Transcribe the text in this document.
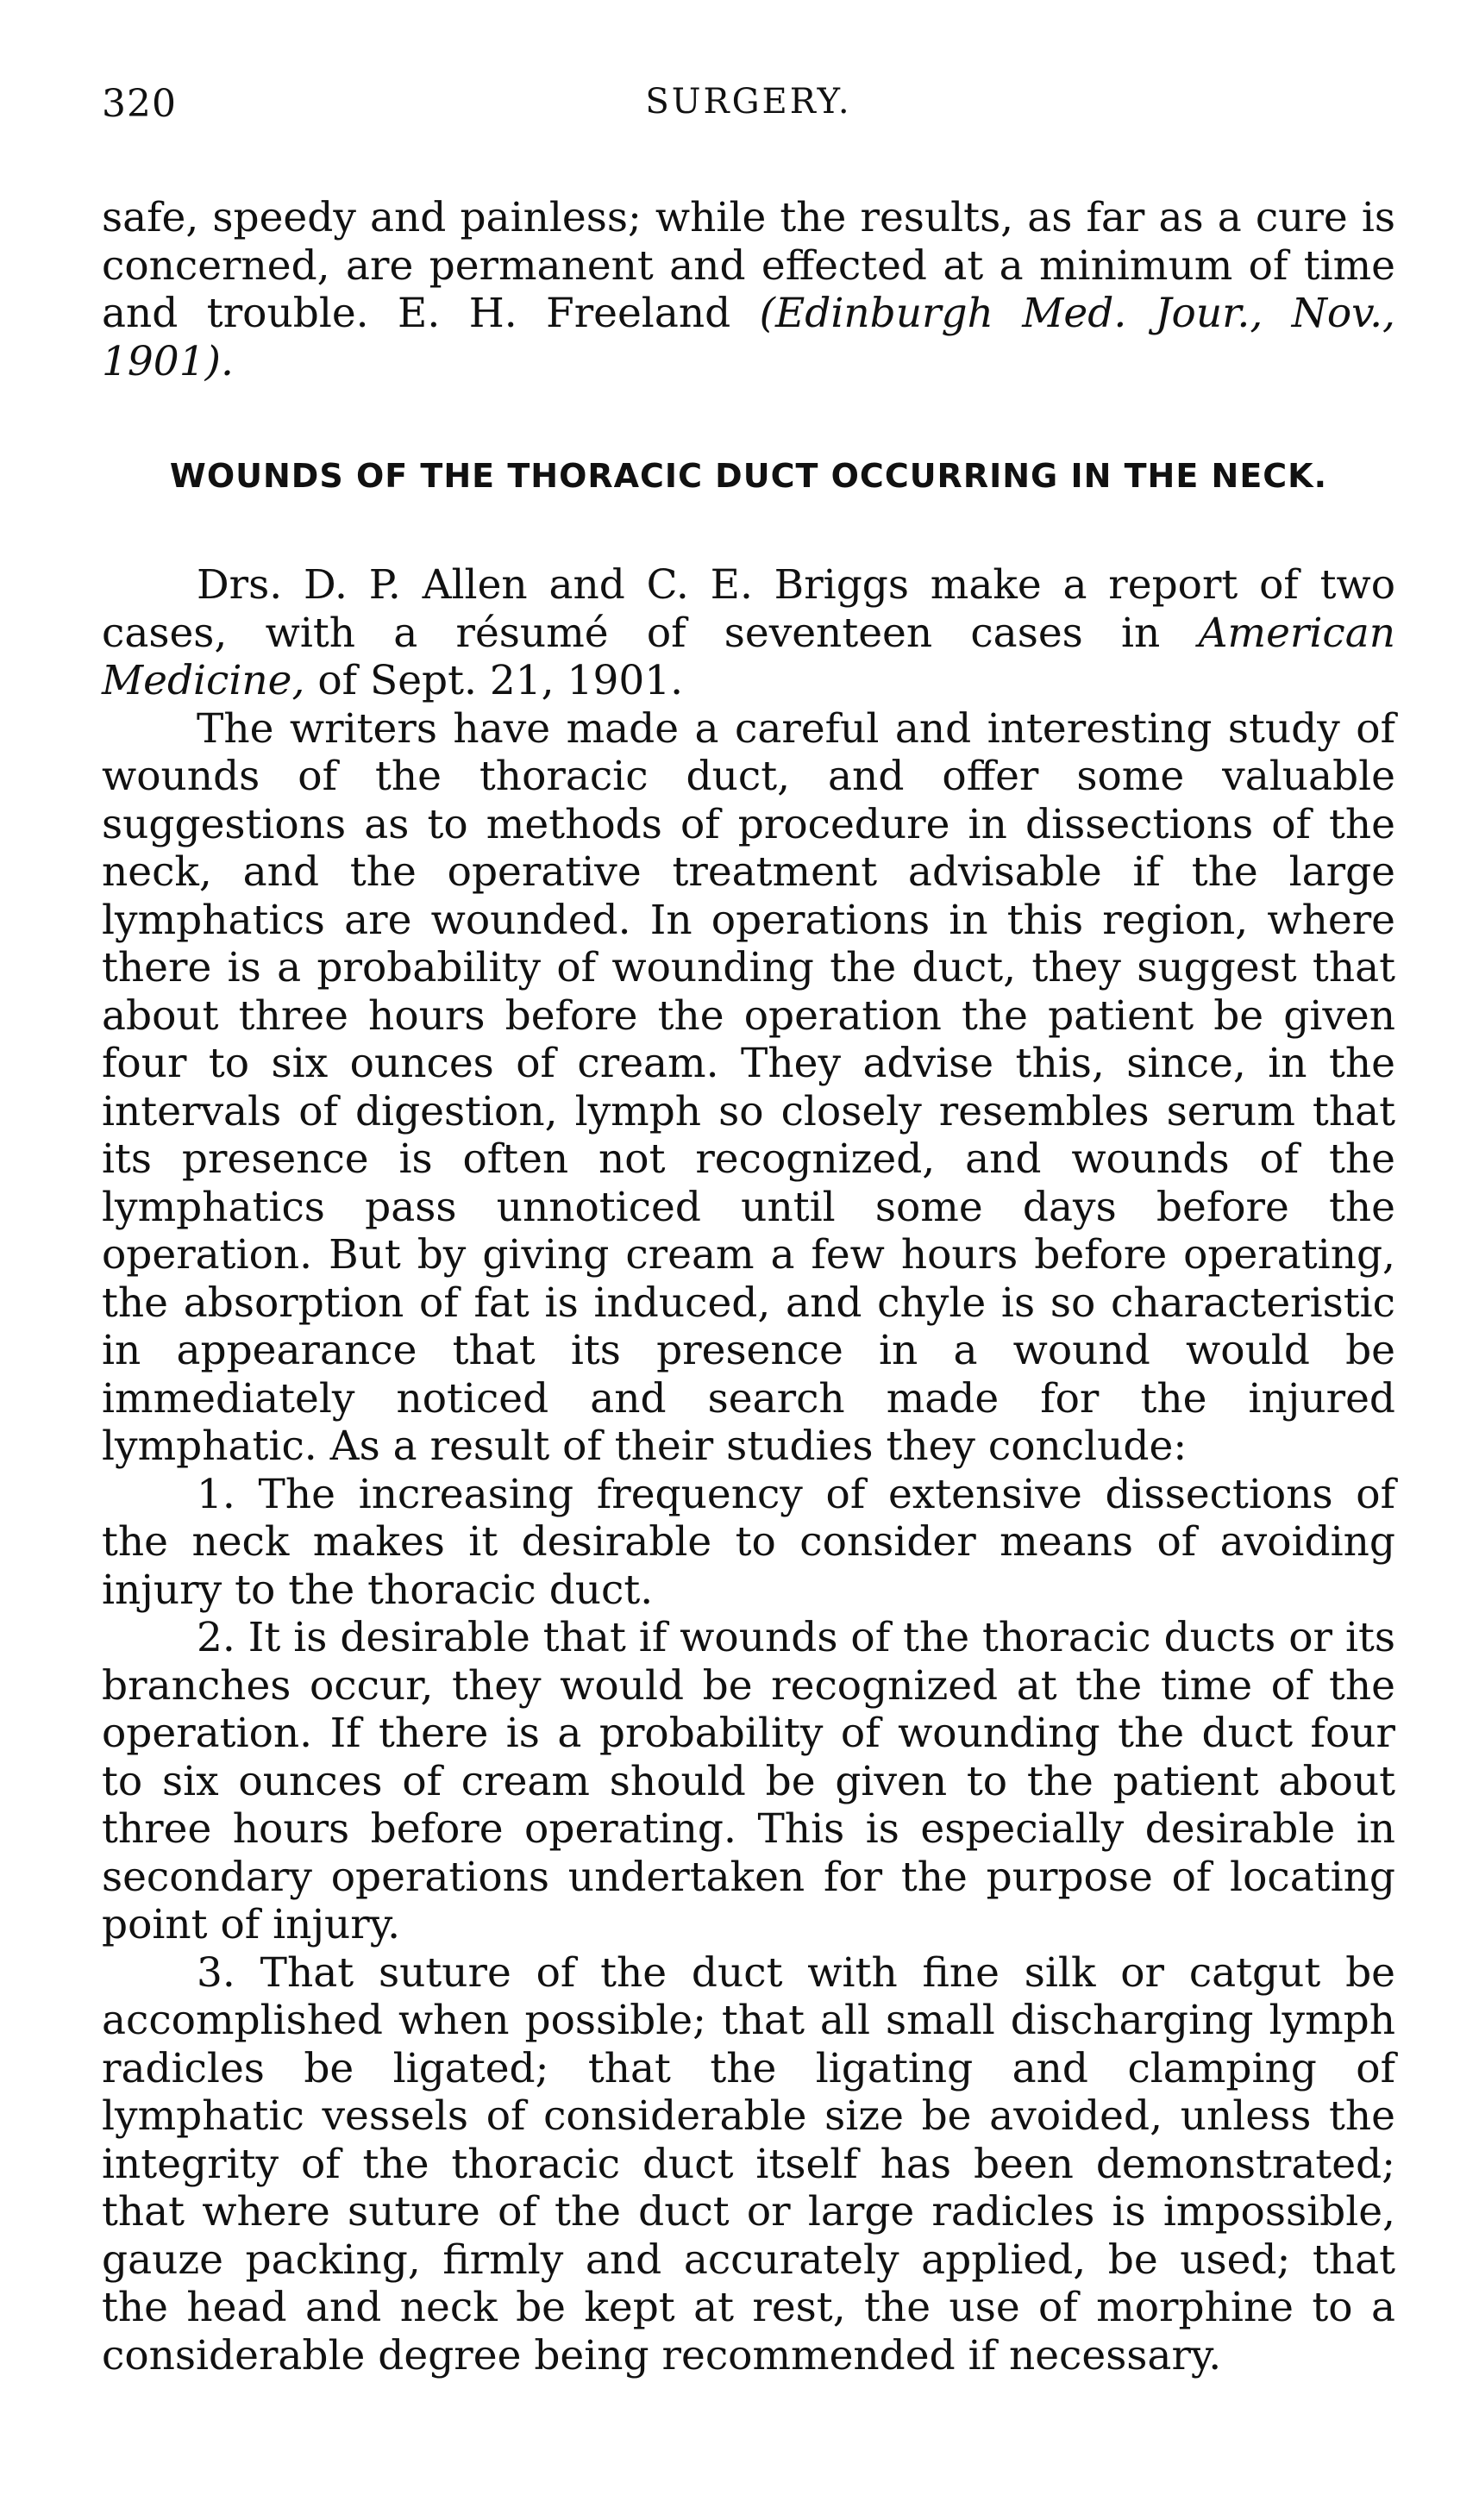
320	SURGERY.

safe, speedy and painless; while the results, as far as a cure is concerned, are permanent and effected at a minimum of time and trouble. E. H. Freeland (Edinburgh Med. Jour., Nov., 1901).

WOUNDS OF THE THORACIC DUCT OCCURRING IN THE NECK.

Drs. D. P. Allen and C. E. Briggs make a report of two cases, with a résumé of seventeen cases in American Medicine, of Sept. 21, 1901.

The writers have made a careful and interesting study of wounds of the thoracic duct, and offer some valuable suggestions as to methods of procedure in dissections of the neck, and the operative treatment advisable if the large lymphatics are wounded. In operations in this region, where there is a probability of wounding the duct, they suggest that about three hours before the operation the patient be given four to six ounces of cream. They advise this, since, in the intervals of digestion, lymph so closely resembles serum that its presence is often not recognized, and wounds of the lymphatics pass unnoticed until some days before the operation. But by giving cream a few hours before operating, the absorption of fat is induced, and chyle is so characteristic in appearance that its presence in a wound would be immediately noticed and search made for the injured lymphatic. As a result of their studies they conclude:

1. The increasing frequency of extensive dissections of the neck makes it desirable to consider means of avoiding injury to the thoracic duct.

2. It is desirable that if wounds of the thoracic ducts or its branches occur, they would be recognized at the time of the operation. If there is a probability of wounding the duct four to six ounces of cream should be given to the patient about three hours before operating. This is especially desirable in secondary operations undertaken for the purpose of locating point of injury.

3. That suture of the duct with fine silk or catgut be accomplished when possible; that all small discharging lymph radicles be ligated; that the ligating and clamping of lymphatic vessels of considerable size be avoided, unless the integrity of the thoracic duct itself has been demonstrated; that where suture of the duct or large radicles is impossible, gauze packing, firmly and accurately applied, be used; that the head and neck be kept at rest, the use of morphine to a considerable degree being recommended if necessary.
